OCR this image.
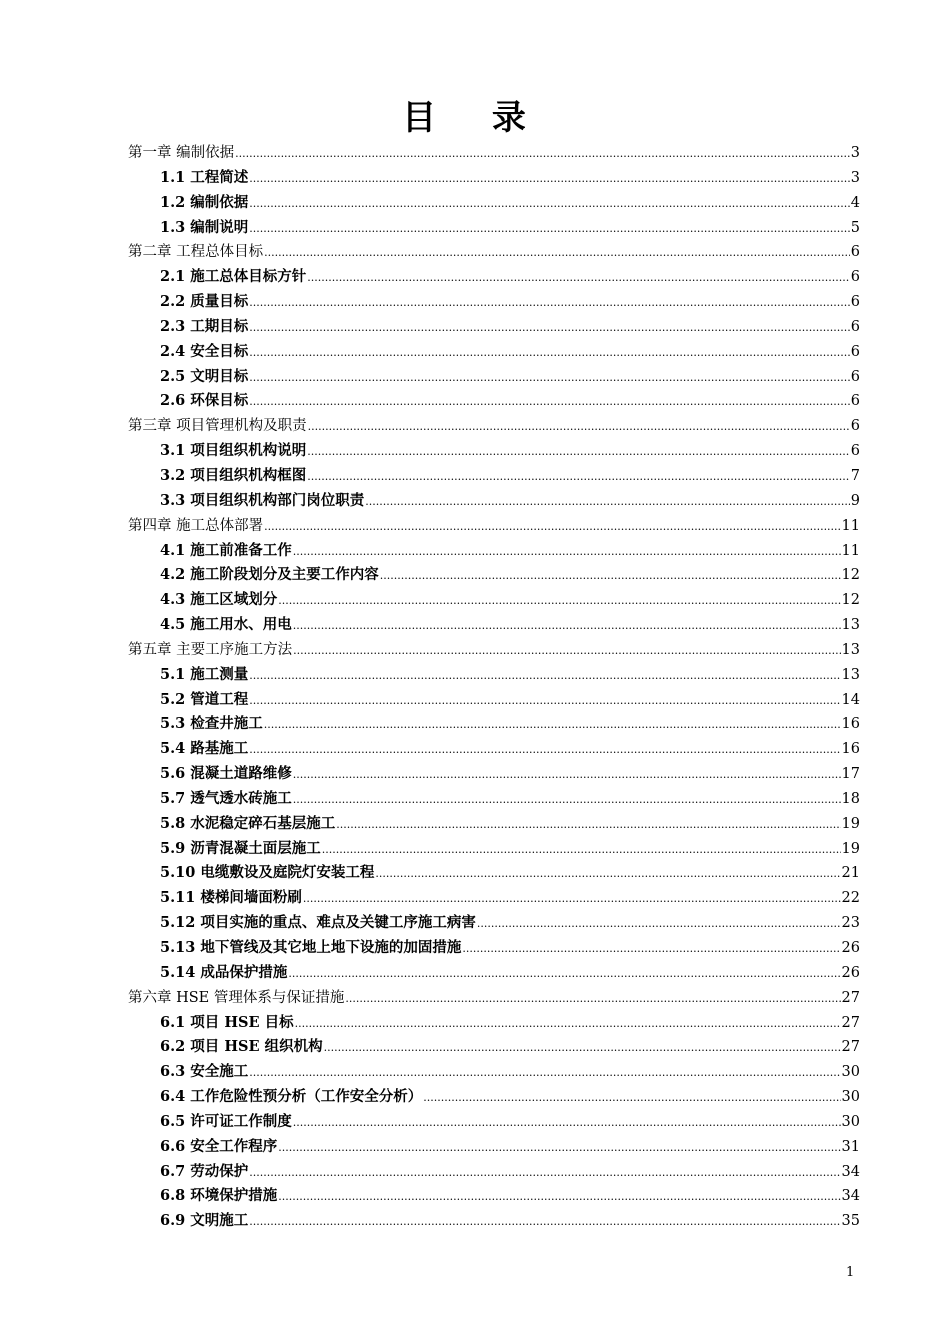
目 录
第一章 编制依据 .....	3
1.1 工程简述 .....	3
1.2 编制依据 .....	4
1.3 编制说明 .....	5
第二章 工程总体目标 .....	6
2.1 施工总体目标方针 .....	6
2.2 质量目标 .....	6
2.3 工期目标 .....	6
2.4 安全目标 .....	6
2.5 文明目标 .....	6
2.6 环保目标 .....	6
第三章 项目管理机构及职责 .....	6
3.1 项目组织机构说明 .....	6
3.2 项目组织机构框图 .....	7
3.3 项目组织机构部门岗位职责 .....	9
第四章 施工总体部署 .....	11
4.1 施工前准备工作 .....	11
4.2 施工阶段划分及主要工作内容 .....	12
4.3 施工区域划分 .....	12
4.5 施工用水、用电 .....	13
第五章 主要工序施工方法 .....	13
5.1 施工测量 .....	13
5.2 管道工程 .....	14
5.3 检查井施工 .....	16
5.4 路基施工 .....	16
5.6 混凝土道路维修 .....	17
5.7 透气透水砖施工 .....	18
5.8 水泥稳定碎石基层施工 .....	19
5.9 沥青混凝土面层施工 .....	19
5.10 电缆敷设及庭院灯安装工程 .....	21
5.11 楼梯间墙面粉刷 .....	22
5.12 项目实施的重点、难点及关键工序施工病害 .....	23
5.13 地下管线及其它地上地下设施的加固措施 .....	26
5.14 成品保护措施 .....	26
第六章 HSE 管理体系与保证措施 .....	27
6.1 项目 HSE 目标 .....	27
6.2 项目 HSE 组织机构 .....	27
6.3 安全施工 .....	30
6.4 工作危险性预分析（工作安全分析） .....	30
6.5 许可证工作制度 .....	30
6.6 安全工作程序 .....	31
6.7 劳动保护 .....	34
6.8 环境保护措施 .....	34
6.9 文明施工 .....	35
1
